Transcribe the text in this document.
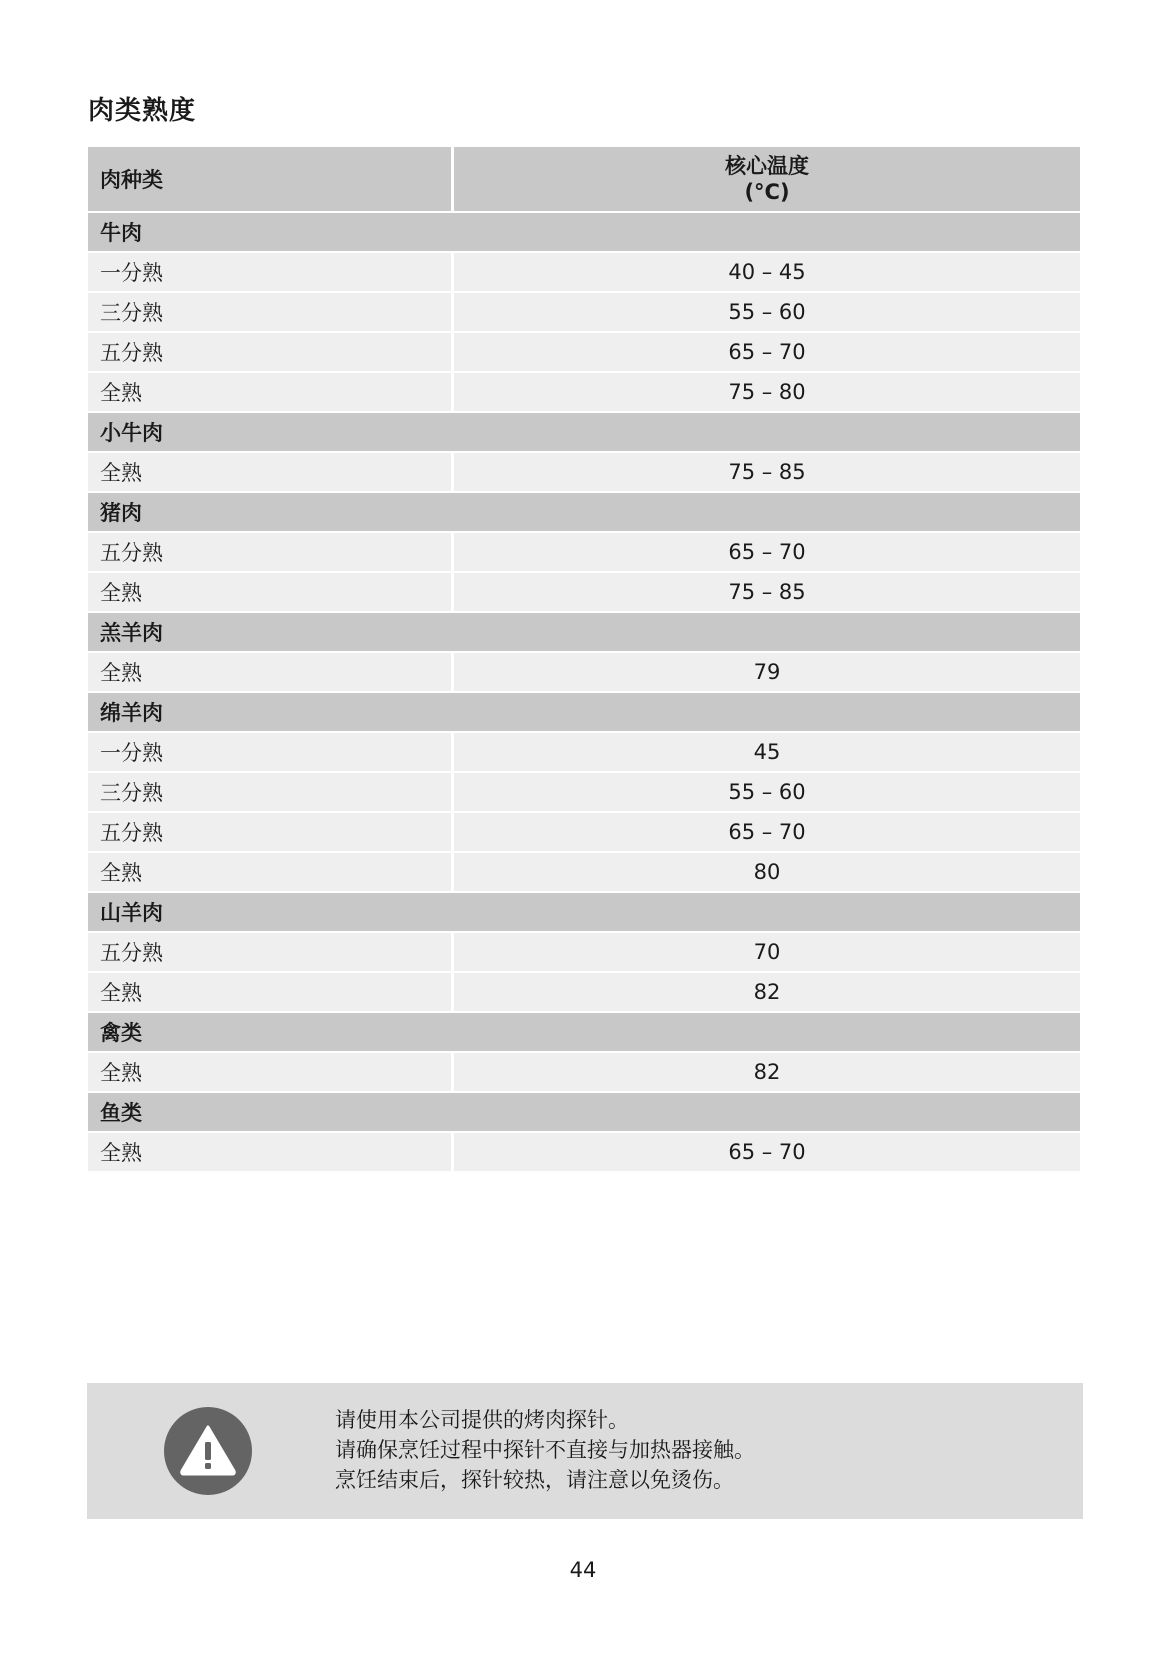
肉类熟度
肉种类	核心温度
(°C)

牛肉	
一分熟	40 – 45
三分熟	55 – 60
五分熟	65 – 70
全熟	75 – 80
小牛肉	
全熟	75 – 85
猪肉	
五分熟	65 – 70
全熟	75 – 85
羔羊肉	
全熟	79
绵羊肉	
一分熟	45
三分熟	55 – 60
五分熟	65 – 70
全熟	80
山羊肉	
五分熟	70
全熟	82
禽类	
全熟	82
鱼类	
全熟	65 – 70
请使用本公司提供的烤肉探针。
请确保烹饪过程中探针不直接与加热器接触。
烹饪结束后，探针较热，请注意以免烫伤。
44
